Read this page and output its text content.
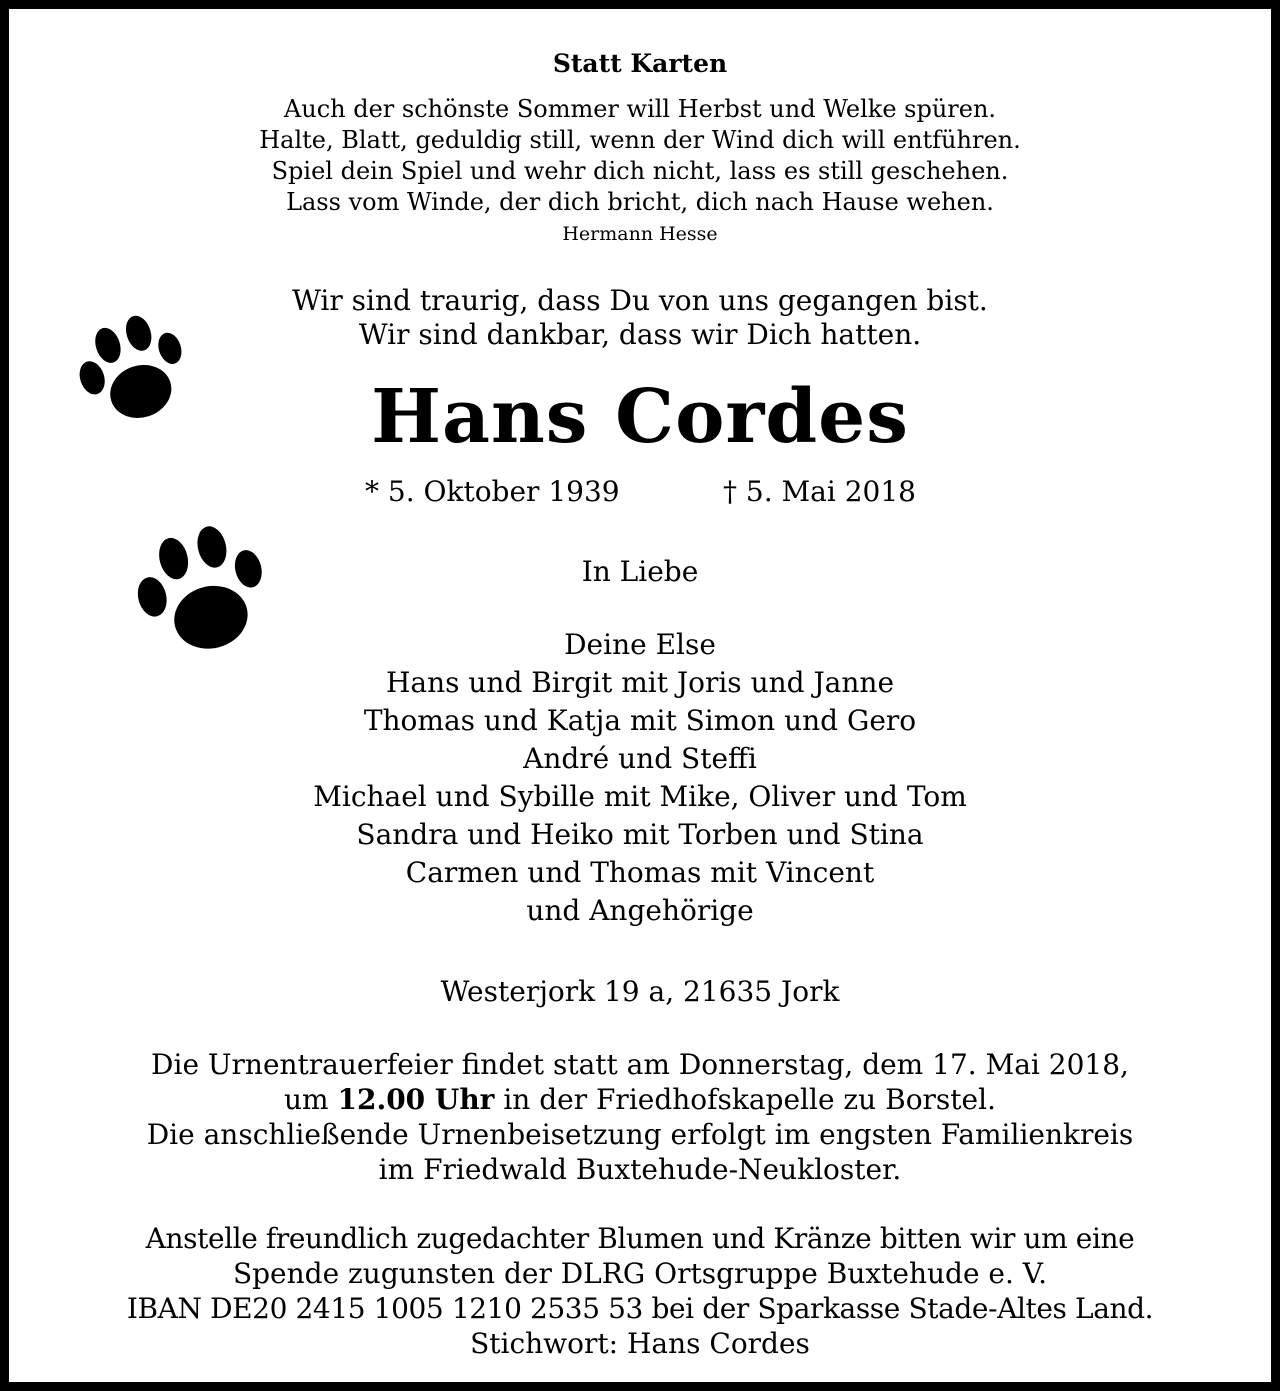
Statt Karten
Auch der schönste Sommer will Herbst und Welke spüren.
Halte, Blatt, geduldig still, wenn der Wind dich will entführen.
Spiel dein Spiel und wehr dich nicht, lass es still geschehen.
Lass vom Winde, der dich bricht, dich nach Hause wehen.
Hermann Hesse
Wir sind traurig, dass Du von uns gegangen bist.
Wir sind dankbar, dass wir Dich hatten.
Hans Cordes
* 5. Oktober 1939	† 5. Mai 2018
In Liebe
Deine Else
Hans und Birgit mit Joris und Janne
Thomas und Katja mit Simon und Gero
André und Steffi
Michael und Sybille mit Mike, Oliver und Tom
Sandra und Heiko mit Torben und Stina
Carmen und Thomas mit Vincent
und Angehörige
Westerjork 19 a, 21635 Jork
Die Urnentrauerfeier findet statt am Donnerstag, dem 17. Mai 2018,
um 12.00 Uhr in der Friedhofskapelle zu Borstel.
Die anschließende Urnenbeisetzung erfolgt im engsten Familienkreis
im Friedwald Buxtehude-Neukloster.
Anstelle freundlich zugedachter Blumen und Kränze bitten wir um eine
Spende zugunsten der DLRG Ortsgruppe Buxtehude e. V.
IBAN DE20 2415 1005 1210 2535 53 bei der Sparkasse Stade-Altes Land.
Stichwort: Hans Cordes
